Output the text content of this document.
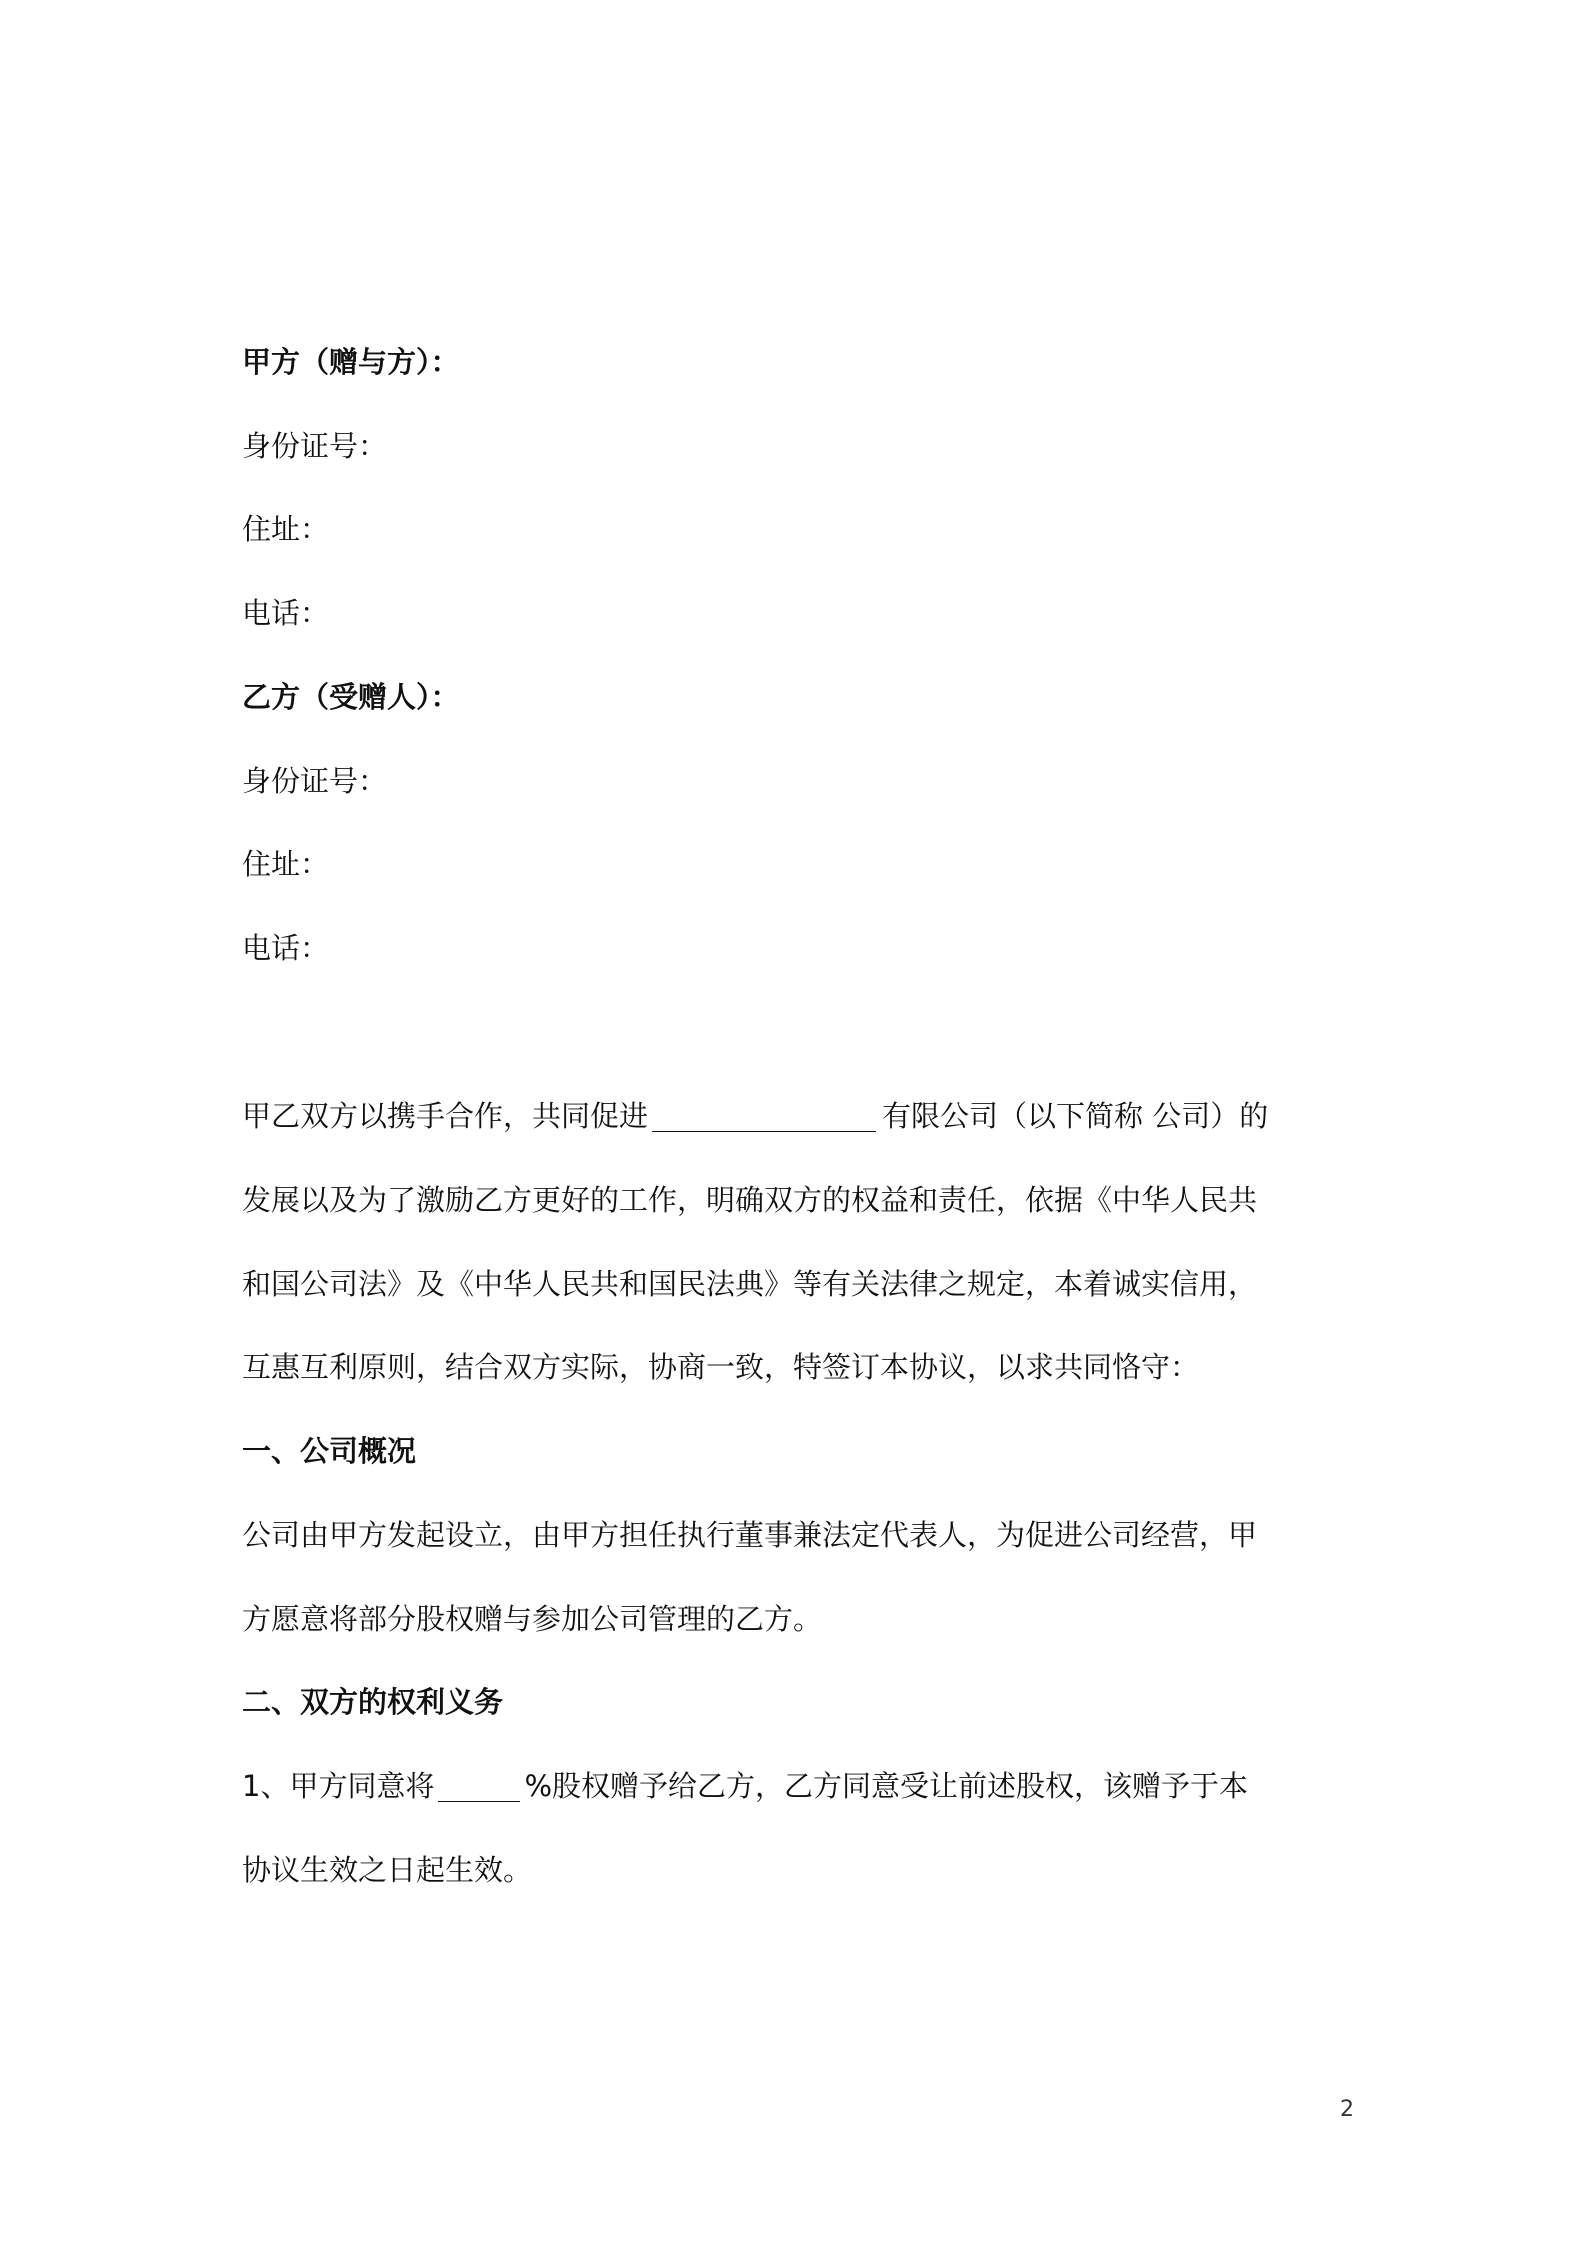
甲方（赠与方）：
身份证号：
住址：
电话：
乙方（受赠人）：
身份证号：
住址：
电话：
甲乙双方以携手合作，共同促进	有限公司（以下简称 公司）的
发展以及为了激励乙方更好的工作，明确双方的权益和责任，依据《中华人民共
和国公司法》及《中华人民共和国民法典》等有关法律之规定，本着诚实信用，
互惠互利原则，结合双方实际，协商一致，特签订本协议，以求共同恪守：
一、公司概况
公司由甲方发起设立，由甲方担任执行董事兼法定代表人，为促进公司经营，甲
方愿意将部分股权赠与参加公司管理的乙方。
二、双方的权利义务
1、甲方同意将	%股权赠予给乙方，乙方同意受让前述股权，该赠予于本
协议生效之日起生效。
2
